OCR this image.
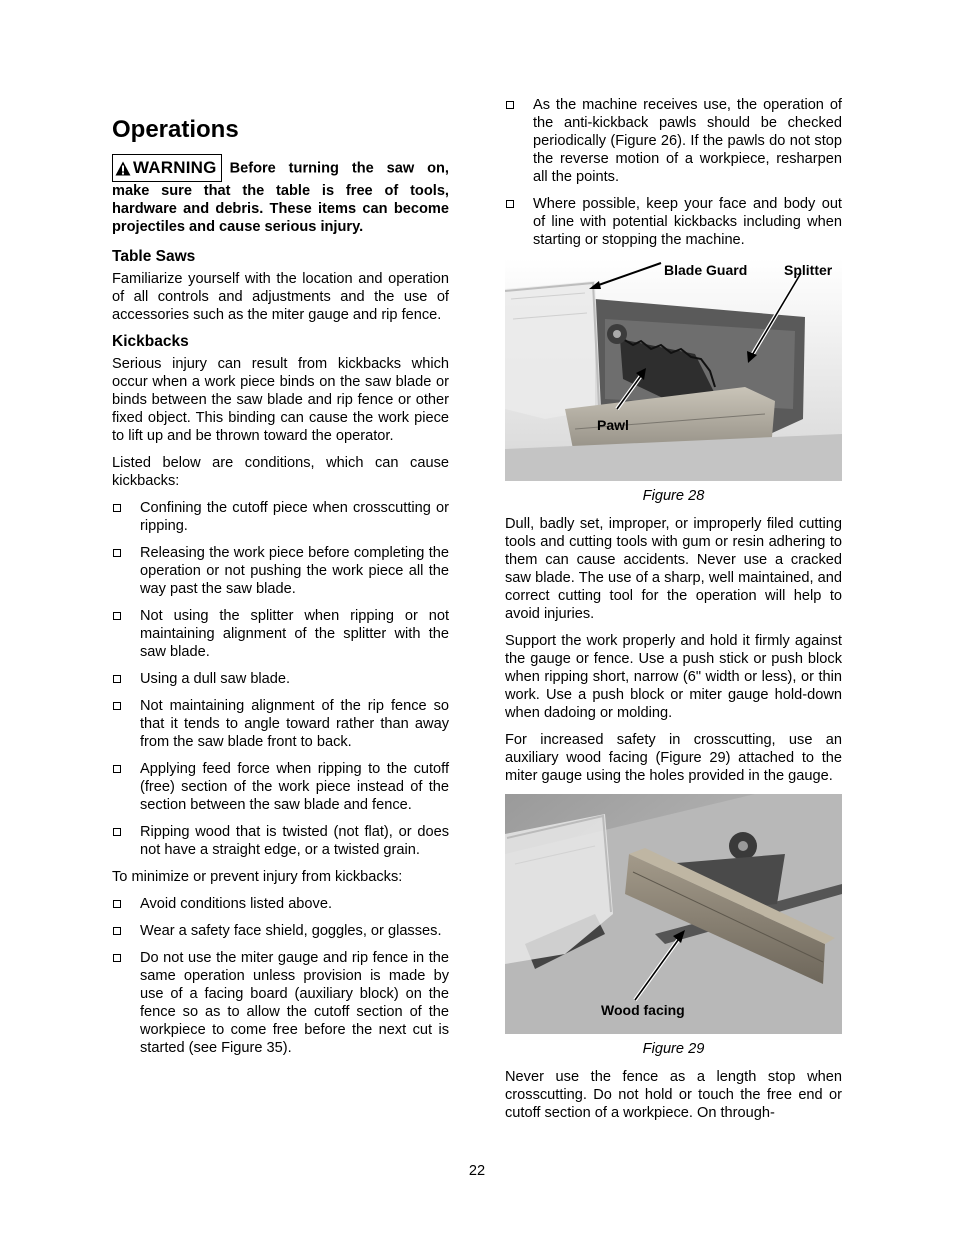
Operations
WARNING Before turning the saw on, make sure that the table is free of tools, hardware and debris. These items can become projectiles and cause serious injury.
Table Saws

Familiarize yourself with the location and operation of all controls and adjustments and the use of accessories such as the miter gauge and rip fence.

Kickbacks

Serious injury can result from kickbacks which occur when a work piece binds on the saw blade or binds between the saw blade and rip fence or other fixed object. This binding can cause the work piece to lift up and be thrown toward the operator.

Listed below are conditions, which can cause kickbacks:

Confining the cutoff piece when crosscutting or ripping.
Releasing the work piece before completing the operation or not pushing the work piece all the way past the saw blade.
Not using the splitter when ripping or not maintaining alignment of the splitter with the saw blade.
Using a dull saw blade.
Not maintaining alignment of the rip fence so that it tends to angle toward rather than away from the saw blade front to back.
Applying feed force when ripping to the cutoff (free) section of the work piece instead of the section between the saw blade and fence.
Ripping wood that is twisted (not flat), or does not have a straight edge, or a twisted grain.

To minimize or prevent injury from kickbacks:

Avoid conditions listed above.
Wear a safety face shield, goggles, or glasses.
Do not use the miter gauge and rip fence in the same operation unless provision is made by use of a facing board (auxiliary block) on the fence so as to allow the cutoff section of the workpiece to come free before the next cut is started (see Figure 35).
As the machine receives use, the operation of the anti-kickback pawls should be checked periodically (Figure 26). If the pawls do not stop the reverse motion of a workpiece, resharpen all the points.
Where possible, keep your face and body out of line with potential kickbacks including when starting or stopping the machine.
Blade Guard	Splitter
Pawl
Figure 28

Dull, badly set, improper, or improperly filed cutting tools and cutting tools with gum or resin adhering to them can cause accidents. Never use a cracked saw blade. The use of a sharp, well maintained, and correct cutting tool for the operation will help to avoid injuries.

Support the work properly and hold it firmly against the gauge or fence. Use a push stick or push block when ripping short, narrow (6" width or less), or thin work. Use a push block or miter gauge hold-down when dadoing or molding.

For increased safety in crosscutting, use an auxiliary wood facing (Figure 29) attached to the miter gauge using the holes provided in the gauge.

Wood facing
Figure 29

Never use the fence as a length stop when crosscutting. Do not hold or touch the free end or cutoff section of a workpiece. On through-

22
